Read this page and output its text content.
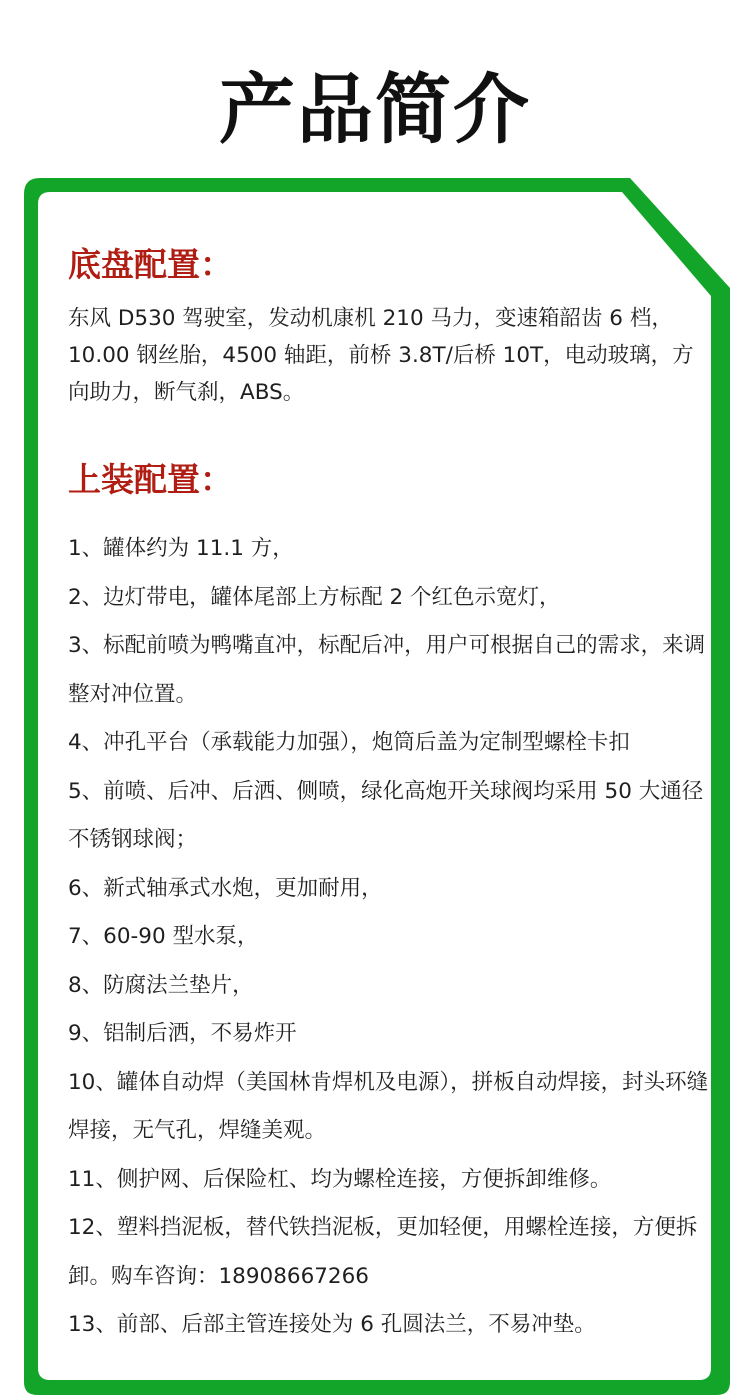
产品简介
底盘配置：

东风 D530 驾驶室，发动机康机 210 马力，变速箱韶齿 6 档，10.00 钢丝胎，4500 轴距，前桥 3.8T/后桥 10T，电动玻璃，方向助力，断气刹，ABS。

上装配置：
1、罐体约为 11.1 方，
2、边灯带电，罐体尾部上方标配 2 个红色示宽灯，
3、标配前喷为鸭嘴直冲，标配后冲，用户可根据自己的需求，来调整对冲位置。
4、冲孔平台（承载能力加强），炮筒后盖为定制型螺栓卡扣
5、前喷、后冲、后洒、侧喷，绿化高炮开关球阀均采用 50 大通径不锈钢球阀；
6、新式轴承式水炮，更加耐用，
7、60-90 型水泵，
8、防腐法兰垫片，
9、铝制后洒，不易炸开
10、罐体自动焊（美国林肯焊机及电源），拼板自动焊接，封头环缝焊接，无气孔，焊缝美观。
11、侧护网、后保险杠、均为螺栓连接，方便拆卸维修。
12、塑料挡泥板，替代铁挡泥板，更加轻便，用螺栓连接，方便拆卸。购车咨询：18908667266
13、前部、后部主管连接处为 6 孔圆法兰，不易冲垫。
